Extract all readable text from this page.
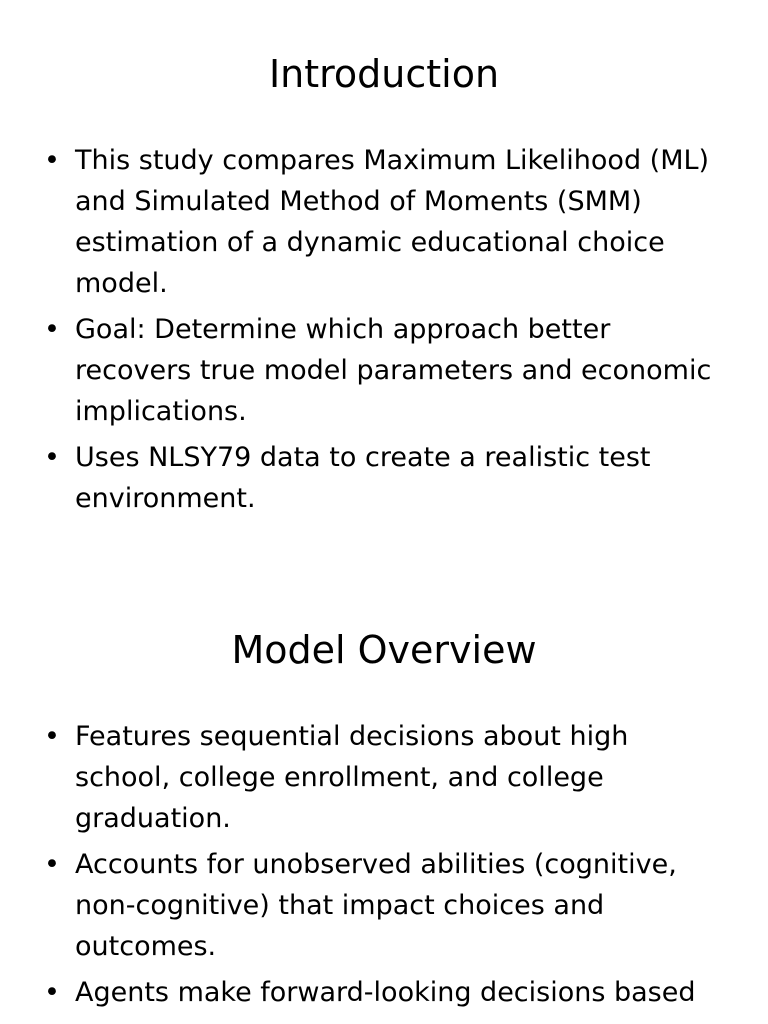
Introduction
• This study compares Maximum Likelihood (ML) and Simulated Method of Moments (SMM) estimation of a dynamic educational choice model.
• Goal: Determine which approach better recovers true model parameters and economic implications.
• Uses NLSY79 data to create a realistic test environment.
Model Overview
• Features sequential decisions about high school, college enrollment, and college graduation.
• Accounts for unobserved abilities (cognitive, non-cognitive) that impact choices and outcomes.
• Agents make forward-looking decisions based
